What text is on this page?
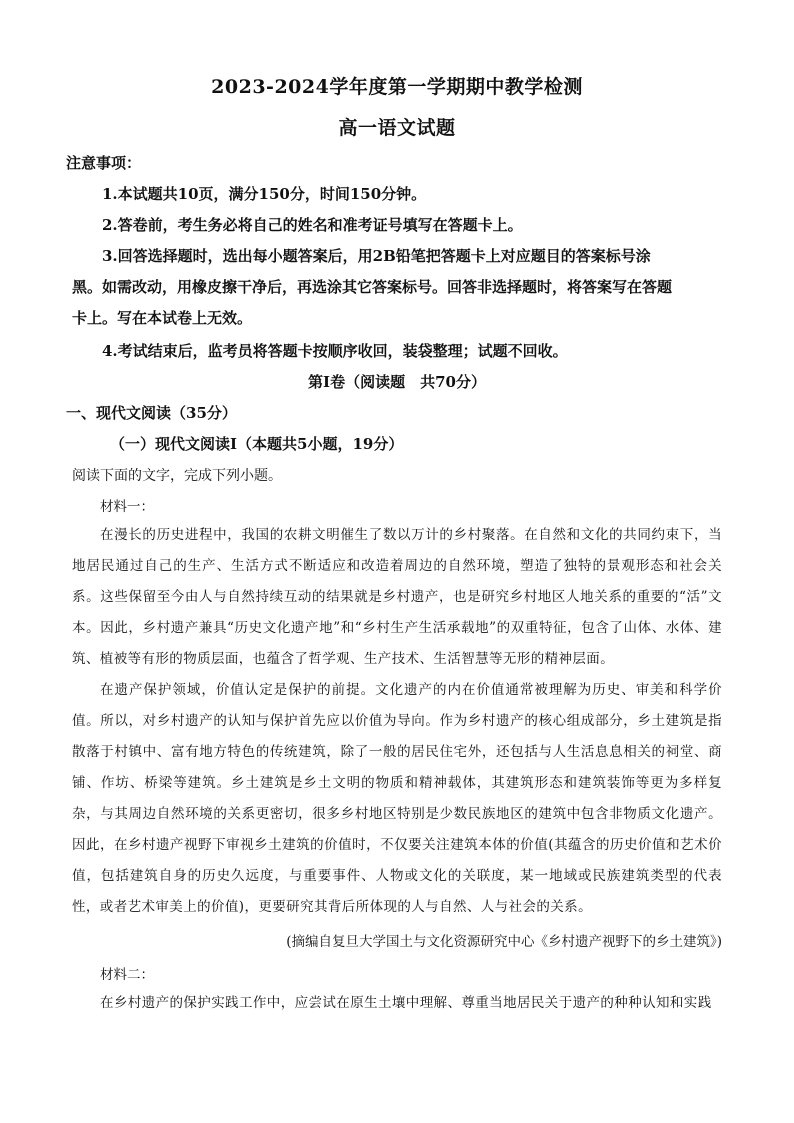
2023-2024学年度第一学期期中教学检测
高一语文试题
注意事项：
1.本试题共10页，满分150分，时间150分钟。
2.答卷前，考生务必将自己的姓名和准考证号填写在答题卡上。
3.回答选择题时，选出每小题答案后，用2B铅笔把答题卡上对应题目的答案标号涂
黑。如需改动，用橡皮擦干净后，再选涂其它答案标号。回答非选择题时，将答案写在答题
卡上。写在本试卷上无效。
4.考试结束后，监考员将答题卡按顺序收回，装袋整理；试题不回收。
第Ⅰ卷（阅读题　共70分）
一、现代文阅读（35分）
（一）现代文阅读Ⅰ（本题共5小题，19分）
阅读下面的文字，完成下列小题。
材料一：
在漫长的历史进程中，我国的农耕文明催生了数以万计的乡村聚落。在自然和文化的共同约束下，当地居民通过自己的生产、生活方式不断适应和改造着周边的自然环境，塑造了独特的景观形态和社会关系。这些保留至今由人与自然持续互动的结果就是乡村遗产，也是研究乡村地区人地关系的重要的“活”文本。因此，乡村遗产兼具“历史文化遗产地”和“乡村生产生活承载地”的双重特征，包含了山体、水体、建筑、植被等有形的物质层面，也蕴含了哲学观、生产技术、生活智慧等无形的精神层面。
在遗产保护领域，价值认定是保护的前提。文化遗产的内在价值通常被理解为历史、审美和科学价值。所以，对乡村遗产的认知与保护首先应以价值为导向。作为乡村遗产的核心组成部分，乡土建筑是指散落于村镇中、富有地方特色的传统建筑，除了一般的居民住宅外，还包括与人生活息息相关的祠堂、商铺、作坊、桥梁等建筑。乡土建筑是乡土文明的物质和精神载体，其建筑形态和建筑装饰等更为多样复杂，与其周边自然环境的关系更密切，很多乡村地区特别是少数民族地区的建筑中包含非物质文化遗产。因此，在乡村遗产视野下审视乡土建筑的价值时，不仅要关注建筑本体的价值(其蕴含的历史价值和艺术价值，包括建筑自身的历史久远度，与重要事件、人物或文化的关联度，某一地域或民族建筑类型的代表性，或者艺术审美上的价值)，更要研究其背后所体现的人与自然、人与社会的关系。
(摘编自复旦大学国土与文化资源研究中心《乡村遗产视野下的乡土建筑》)
材料二：
在乡村遗产的保护实践工作中，应尝试在原生土壤中理解、尊重当地居民关于遗产的种种认知和实践
